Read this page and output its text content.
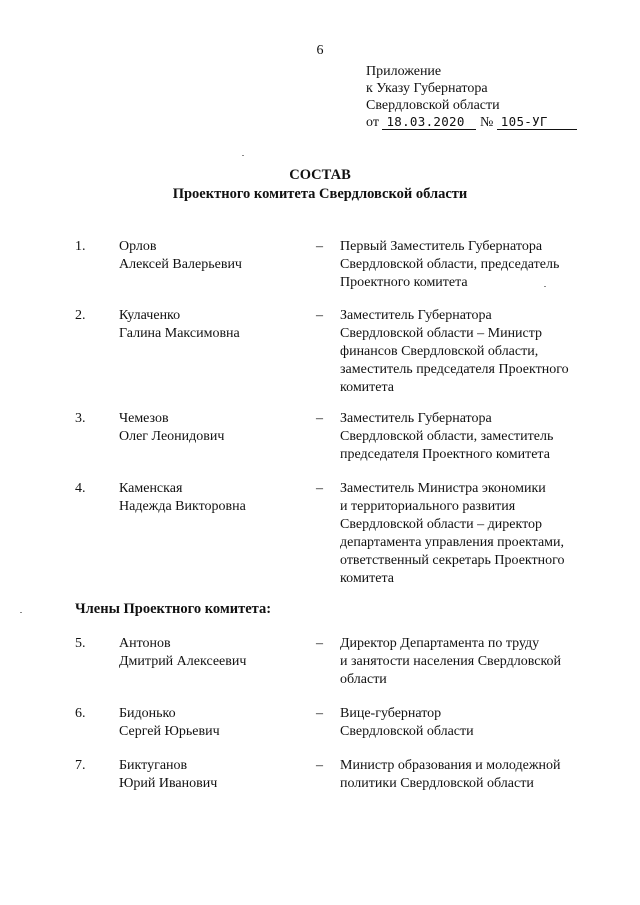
6
Приложение
к Указу Губернатора
Свердловской области
от 18.03.2020 № 105-УГ
СОСТАВ
Проектного комитета Свердловской области
1. Орлов
Алексей Валерьевич
– Первый Заместитель Губернатора
Свердловской области, председатель
Проектного комитета
2. Кулаченко
Галина Максимовна
– Заместитель Губернатора
Свердловской области – Министр
финансов Свердловской области,
заместитель председателя Проектного
комитета
3. Чемезов
Олег Леонидович
– Заместитель Губернатора
Свердловской области, заместитель
председателя Проектного комитета
4. Каменская
Надежда Викторовна
– Заместитель Министра экономики
и территориального развития
Свердловской области – директор
департамента управления проектами,
ответственный секретарь Проектного
комитета
Члены Проектного комитета:
5. Антонов
Дмитрий Алексеевич
– Директор Департамента по труду
и занятости населения Свердловской
области
6. Бидонько
Сергей Юрьевич
– Вице-губернатор
Свердловской области
7. Биктуганов
Юрий Иванович
– Министр образования и молодежной
политики Свердловской области
